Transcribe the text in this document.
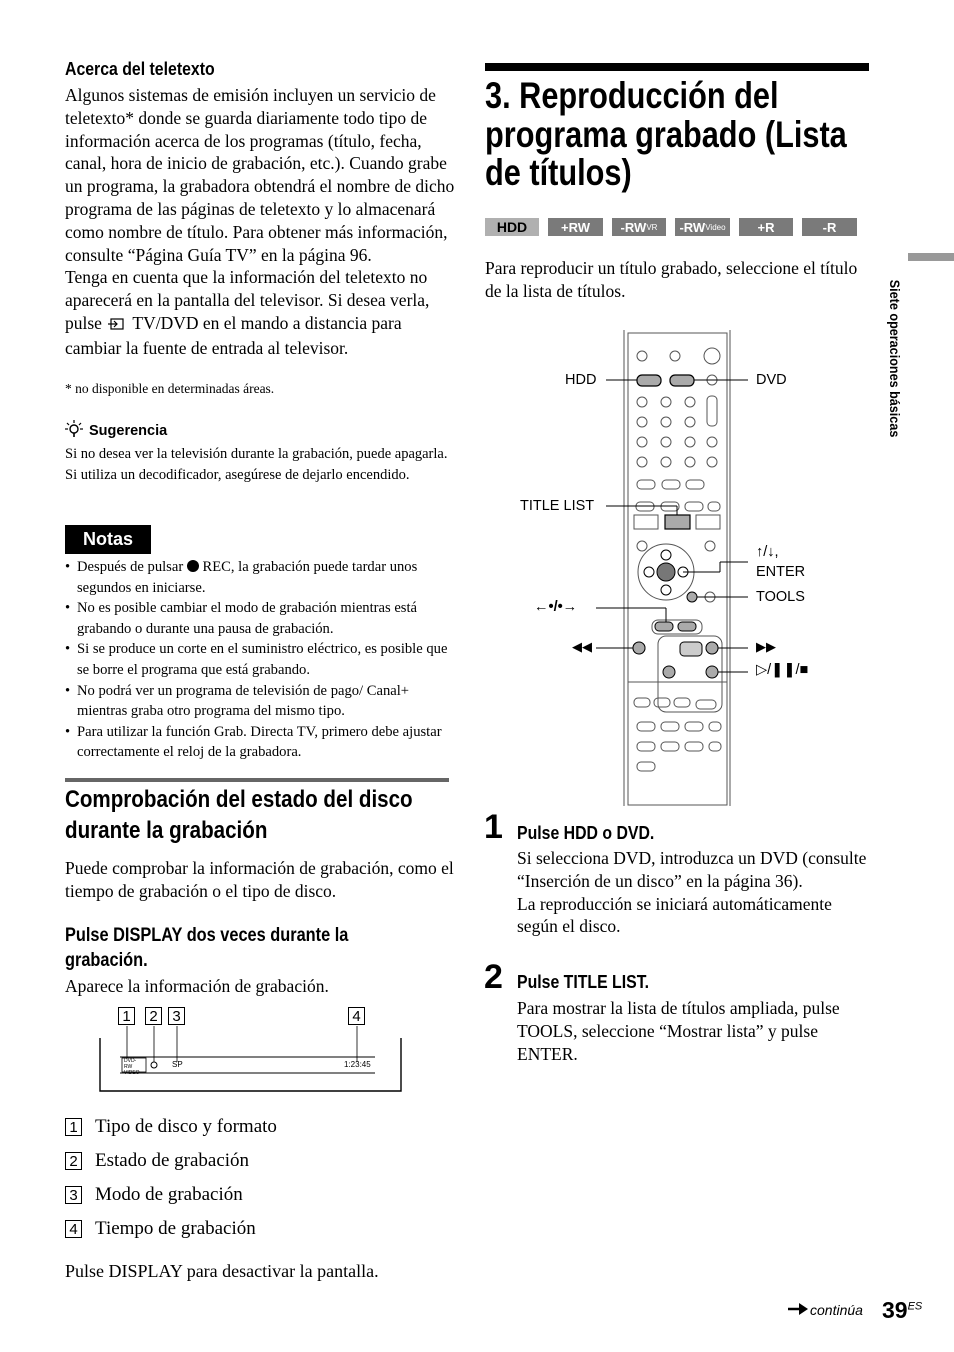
Acerca del teletexto
Algunos sistemas de emisión incluyen un servicio de teletexto* donde se guarda diariamente todo tipo de información acerca de los programas (título, fecha, canal, hora de inicio de grabación, etc.). Cuando grabe un programa, la grabadora obtendrá el nombre de dicho programa de las páginas de teletexto y lo almacenará como nombre de título. Para obtener más información, consulte “Página Guía TV” en la página 96.
Tenga en cuenta que la información del teletexto no aparecerá en la pantalla del televisor. Si desea verla, pulse TV/DVD en el mando a distancia para cambiar la fuente de entrada al televisor.
* no disponible en determinadas áreas.
Sugerencia
Si no desea ver la televisión durante la grabación, puede apagarla. Si utiliza un decodificador, asegúrese de dejarlo encendido.
Notas
• Después de pulsar REC, la grabación puede tardar unos segundos en iniciarse.
• No es posible cambiar el modo de grabación mientras está grabando o durante una pausa de grabación.
• Si se produce un corte en el suministro eléctrico, es posible que se borre el programa que está grabando.
• No podrá ver un programa de televisión de pago/ Canal+ mientras graba otro programa del mismo tipo.
• Para utilizar la función Grab. Directa TV, primero debe ajustar correctamente el reloj de la grabadora.
Comprobación del estado del disco durante la grabación
Puede comprobar la información de grabación, como el tiempo de grabación o el tipo de disco.
Pulse DISPLAY dos veces durante la grabación.
Aparece la información de grabación.
1 2 3	4
DVD-RW VIDEO
SP	1:23:45
1 Tipo de disco y formato
2 Estado de grabación
3 Modo de grabación
4 Tiempo de grabación
Pulse DISPLAY para desactivar la pantalla.
3. Reproducción del programa grabado (Lista de títulos)
HDD	+RW	-RW VR -RW Video	+R	-R
Para reproducir un título grabado, seleccione el título de la lista de títulos.
HDD	DVD
TITLE LIST
↑/↓,
ENTER
TOOLS
←•/•→
◀◀	▶▶
▷/❚❚/■
1 Pulse HDD o DVD.
Si selecciona DVD, introduzca un DVD (consulte “Inserción de un disco” en la página 36).
La reproducción se iniciará automáticamente según el disco.
2 Pulse TITLE LIST.
Para mostrar la lista de títulos ampliada, pulse TOOLS, seleccione “Mostrar lista” y pulse ENTER.
Siete operaciones básicas
continúa $39^{ES}$
